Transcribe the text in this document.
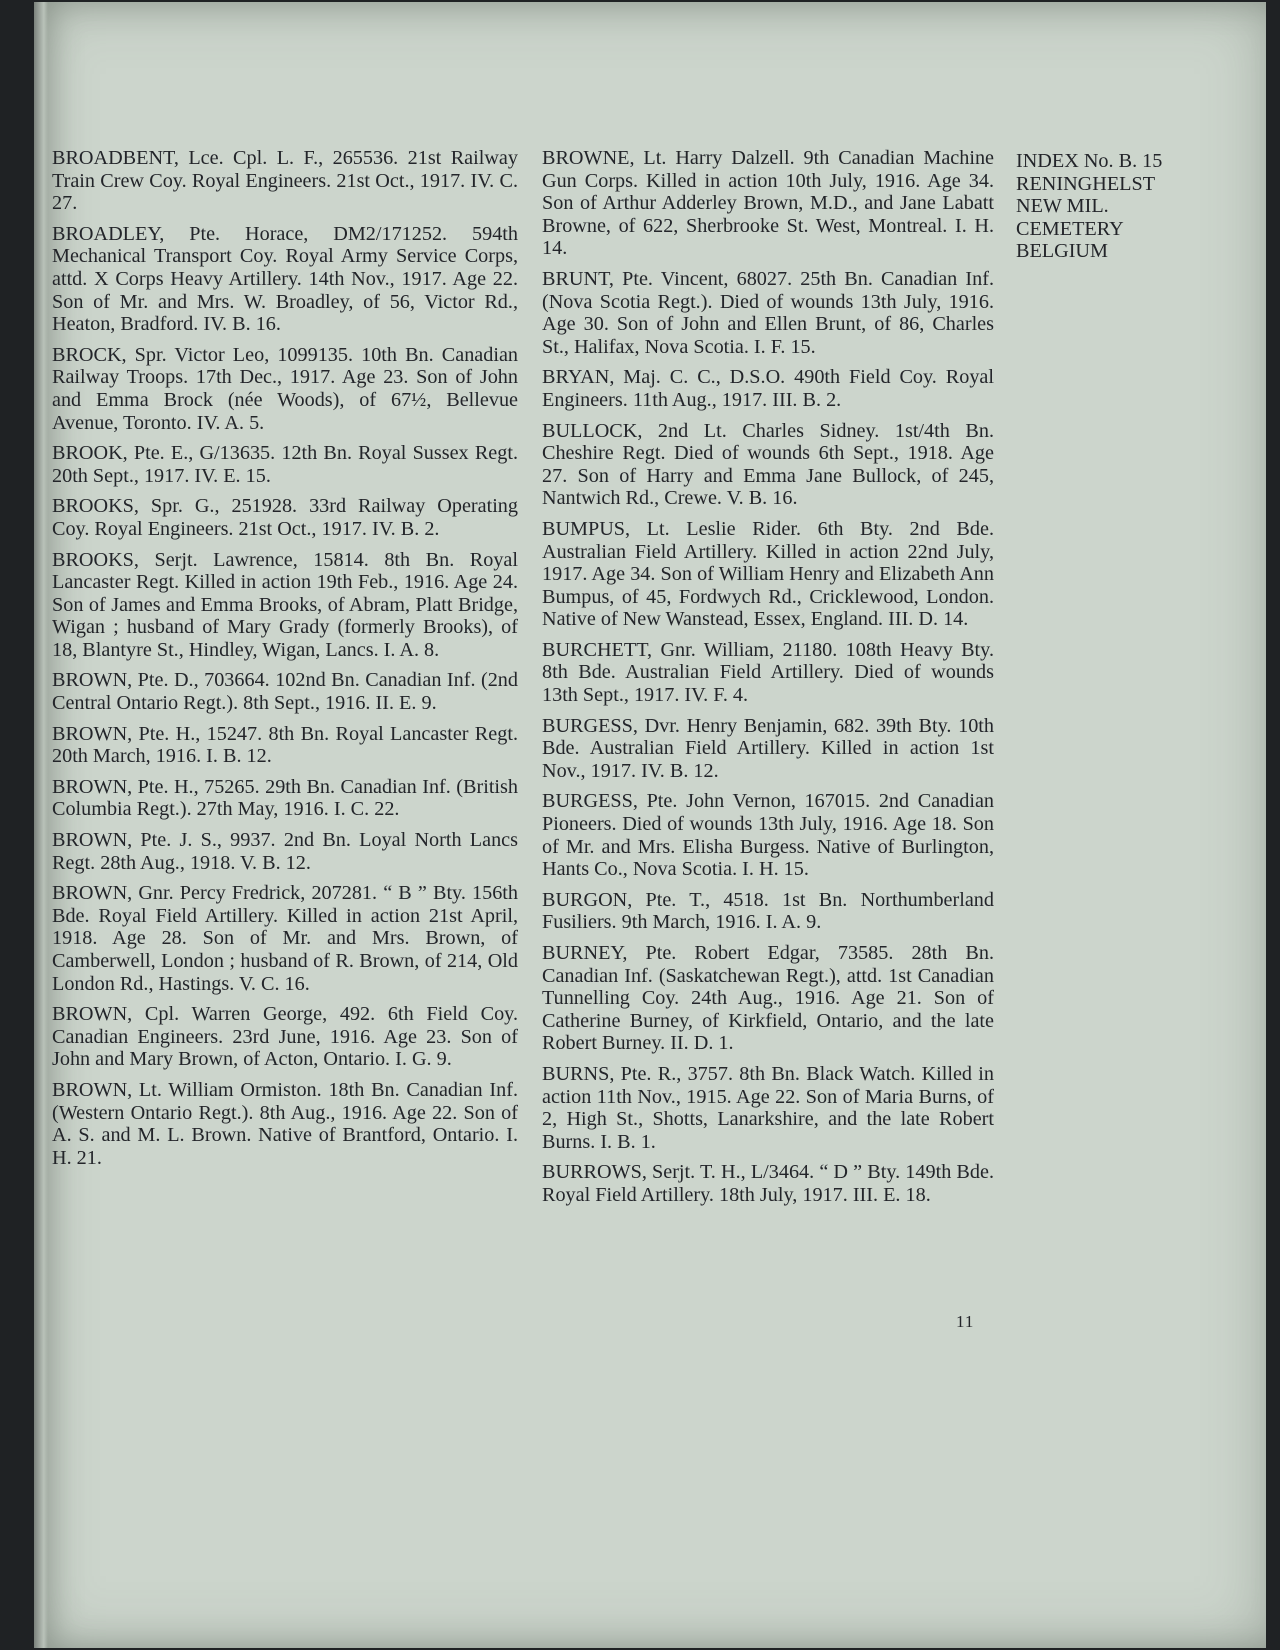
BROADBENT, Lce. Cpl. L. F., 265536. 21st Railway Train Crew Coy. Royal Engineers. 21st Oct., 1917. IV. C. 27.

BROADLEY, Pte. Horace, DM2/171252. 594th Mechanical Transport Coy. Royal Army Service Corps, attd. X Corps Heavy Artillery. 14th Nov., 1917. Age 22. Son of Mr. and Mrs. W. Broadley, of 56, Victor Rd., Heaton, Bradford. IV. B. 16.

BROCK, Spr. Victor Leo, 1099135. 10th Bn. Canadian Railway Troops. 17th Dec., 1917. Age 23. Son of John and Emma Brock (née Woods), of 67½, Bellevue Avenue, Toronto. IV. A. 5.

BROOK, Pte. E., G/13635. 12th Bn. Royal Sussex Regt. 20th Sept., 1917. IV. E. 15.

BROOKS, Spr. G., 251928. 33rd Railway Operating Coy. Royal Engineers. 21st Oct., 1917. IV. B. 2.

BROOKS, Serjt. Lawrence, 15814. 8th Bn. Royal Lancaster Regt. Killed in action 19th Feb., 1916. Age 24. Son of James and Emma Brooks, of Abram, Platt Bridge, Wigan ; husband of Mary Grady (formerly Brooks), of 18, Blantyre St., Hindley, Wigan, Lancs. I. A. 8.

BROWN, Pte. D., 703664. 102nd Bn. Canadian Inf. (2nd Central Ontario Regt.). 8th Sept., 1916. II. E. 9.

BROWN, Pte. H., 15247. 8th Bn. Royal Lancaster Regt. 20th March, 1916. I. B. 12.

BROWN, Pte. H., 75265. 29th Bn. Canadian Inf. (British Columbia Regt.). 27th May, 1916. I. C. 22.

BROWN, Pte. J. S., 9937. 2nd Bn. Loyal North Lancs Regt. 28th Aug., 1918. V. B. 12.

BROWN, Gnr. Percy Fredrick, 207281. “ B ” Bty. 156th Bde. Royal Field Artillery. Killed in action 21st April, 1918. Age 28. Son of Mr. and Mrs. Brown, of Camberwell, London ; husband of R. Brown, of 214, Old London Rd., Hastings. V. C. 16.

BROWN, Cpl. Warren George, 492. 6th Field Coy. Canadian Engineers. 23rd June, 1916. Age 23. Son of John and Mary Brown, of Acton, Ontario. I. G. 9.

BROWN, Lt. William Ormiston. 18th Bn. Canadian Inf. (Western Ontario Regt.). 8th Aug., 1916. Age 22. Son of A. S. and M. L. Brown. Native of Brantford, Ontario. I. H. 21.

BROWNE, Lt. Harry Dalzell. 9th Canadian Machine Gun Corps. Killed in action 10th July, 1916. Age 34. Son of Arthur Adderley Brown, M.D., and Jane Labatt Browne, of 622, Sherbrooke St. West, Montreal. I. H. 14.

BRUNT, Pte. Vincent, 68027. 25th Bn. Canadian Inf. (Nova Scotia Regt.). Died of wounds 13th July, 1916. Age 30. Son of John and Ellen Brunt, of 86, Charles St., Halifax, Nova Scotia. I. F. 15.

BRYAN, Maj. C. C., D.S.O. 490th Field Coy. Royal Engineers. 11th Aug., 1917. III. B. 2.

BULLOCK, 2nd Lt. Charles Sidney. 1st/4th Bn. Cheshire Regt. Died of wounds 6th Sept., 1918. Age 27. Son of Harry and Emma Jane Bullock, of 245, Nantwich Rd., Crewe. V. B. 16.

BUMPUS, Lt. Leslie Rider. 6th Bty. 2nd Bde. Australian Field Artillery. Killed in action 22nd July, 1917. Age 34. Son of William Henry and Elizabeth Ann Bumpus, of 45, Fordwych Rd., Cricklewood, London. Native of New Wanstead, Essex, England. III. D. 14.

BURCHETT, Gnr. William, 21180. 108th Heavy Bty. 8th Bde. Australian Field Artillery. Died of wounds 13th Sept., 1917. IV. F. 4.

BURGESS, Dvr. Henry Benjamin, 682. 39th Bty. 10th Bde. Australian Field Artillery. Killed in action 1st Nov., 1917. IV. B. 12.

BURGESS, Pte. John Vernon, 167015. 2nd Canadian Pioneers. Died of wounds 13th July, 1916. Age 18. Son of Mr. and Mrs. Elisha Burgess. Native of Burlington, Hants Co., Nova Scotia. I. H. 15.

BURGON, Pte. T., 4518. 1st Bn. Northumberland Fusiliers. 9th March, 1916. I. A. 9.

BURNEY, Pte. Robert Edgar, 73585. 28th Bn. Canadian Inf. (Saskatchewan Regt.), attd. 1st Canadian Tunnelling Coy. 24th Aug., 1916. Age 21. Son of Catherine Burney, of Kirkfield, Ontario, and the late Robert Burney. II. D. 1.

BURNS, Pte. R., 3757. 8th Bn. Black Watch. Killed in action 11th Nov., 1915. Age 22. Son of Maria Burns, of 2, High St., Shotts, Lanarkshire, and the late Robert Burns. I. B. 1.

BURROWS, Serjt. T. H., L/3464. “ D ” Bty. 149th Bde. Royal Field Artillery. 18th July, 1917. III. E. 18.

INDEX No. B. 15
RENINGHELST
NEW MIL.
CEMETERY
BELGIUM
11
